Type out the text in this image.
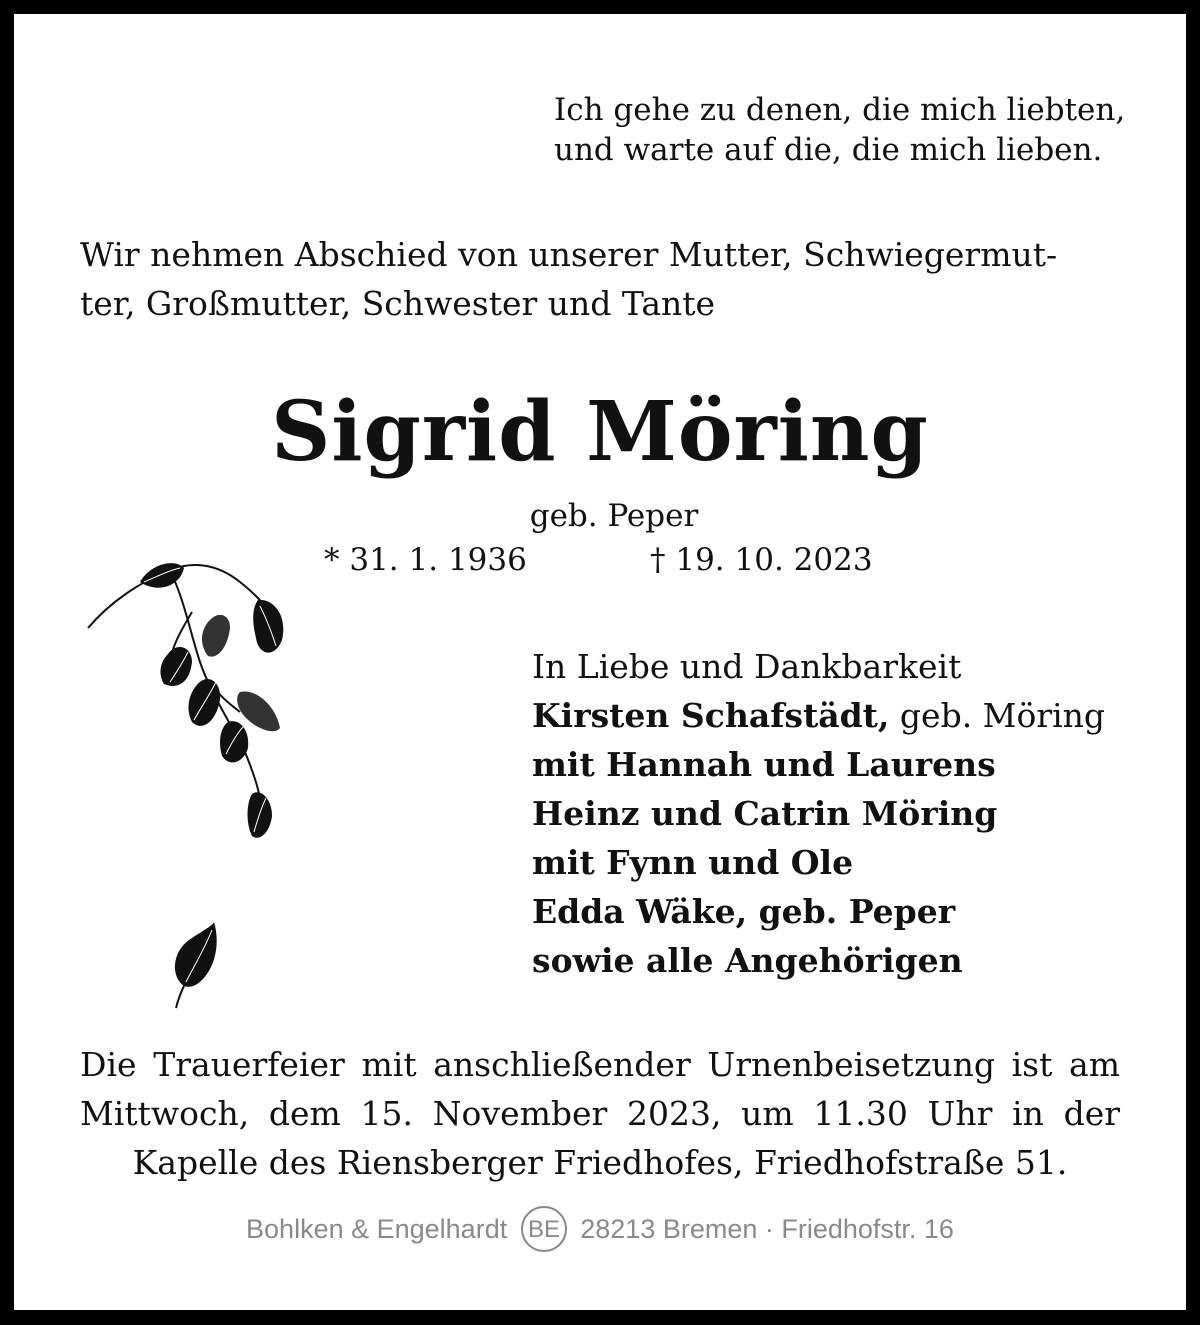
Ich gehe zu denen, die mich liebten,
und warte auf die, die mich lieben.
Wir nehmen Abschied von unserer Mutter, Schwiegermut-
ter, Großmutter, Schwester und Tante
Sigrid Möring
geb. Peper
* 31. 1. 1936	† 19. 10. 2023
In Liebe und Dankbarkeit
Kirsten Schafstädt, geb. Möring
mit Hannah und Laurens
Heinz und Catrin Möring
mit Fynn und Ole
Edda Wäke, geb. Peper
sowie alle Angehörigen
Die Trauerfeier mit anschließender Urnenbeisetzung ist am Mittwoch, dem 15. November 2023, um 11.30 Uhr in der Kapelle des Riensberger Friedhofes, Friedhofstraße 51.
Bohlken & Engelhardt BE 28213 Bremen · Friedhofstr. 16
